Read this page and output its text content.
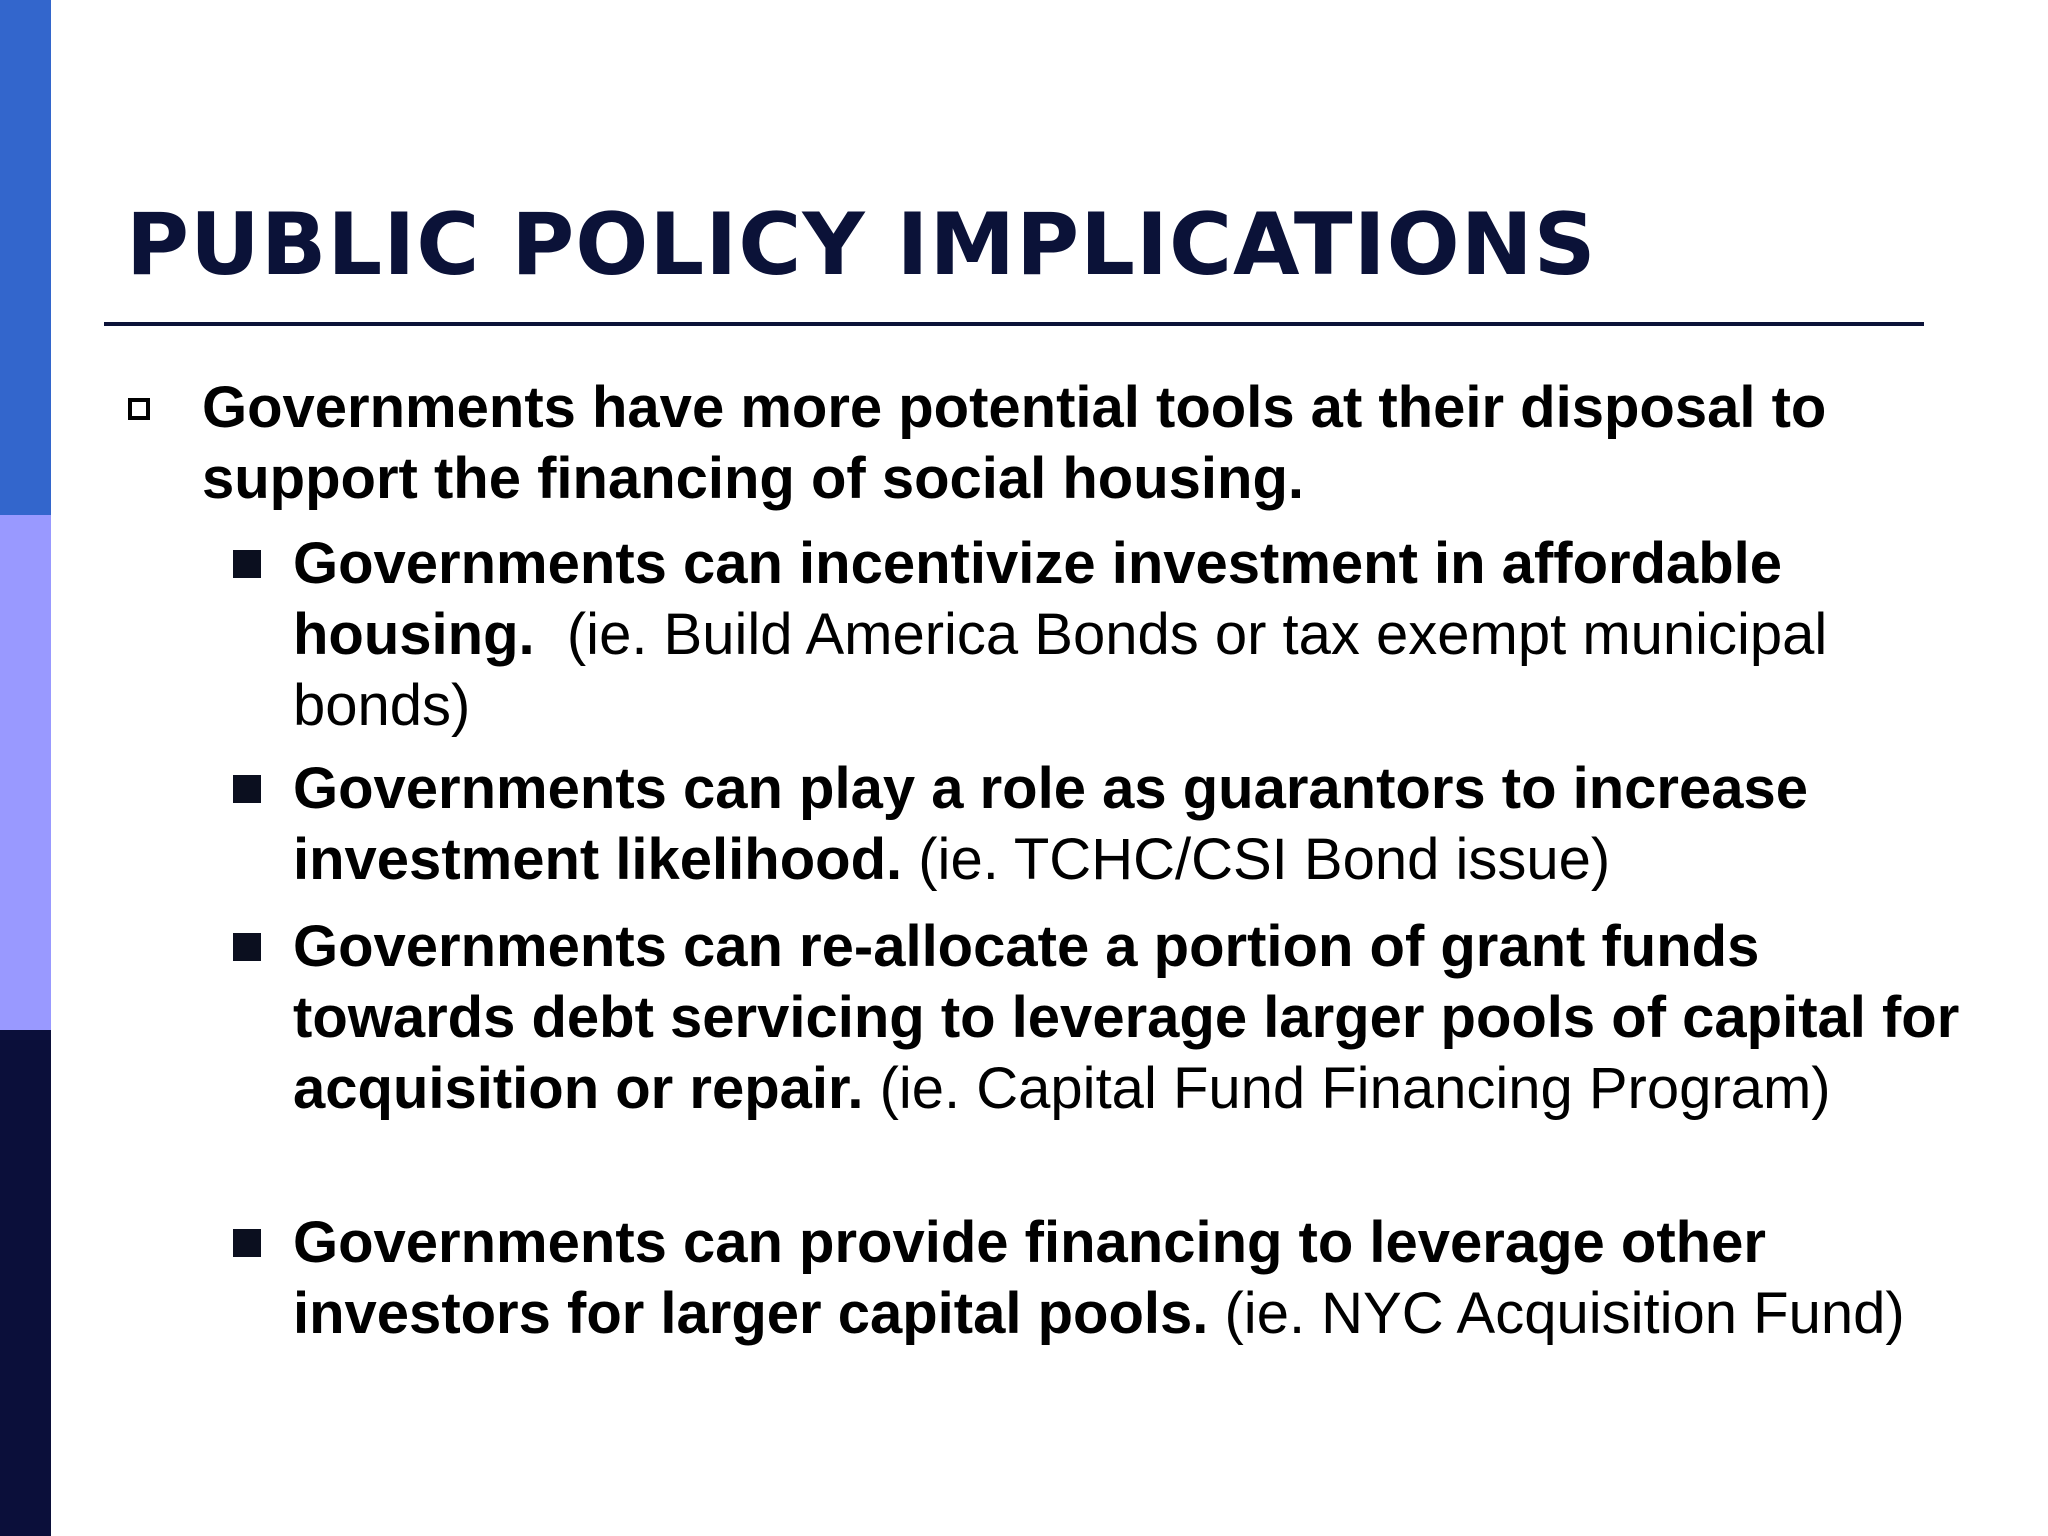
PUBLIC POLICY IMPLICATIONS
Governments have more potential tools at their disposal to support the financing of social housing.
Governments can incentivize investment in affordable housing.  (ie. Build America Bonds or tax exempt municipal bonds)
Governments can play a role as guarantors to increase investment likelihood. (ie. TCHC/CSI Bond issue)
Governments can re-allocate a portion of grant funds towards debt servicing to leverage larger pools of capital for acquisition or repair. (ie. Capital Fund Financing Program)
Governments can provide financing to leverage other investors for larger capital pools. (ie. NYC Acquisition Fund)
